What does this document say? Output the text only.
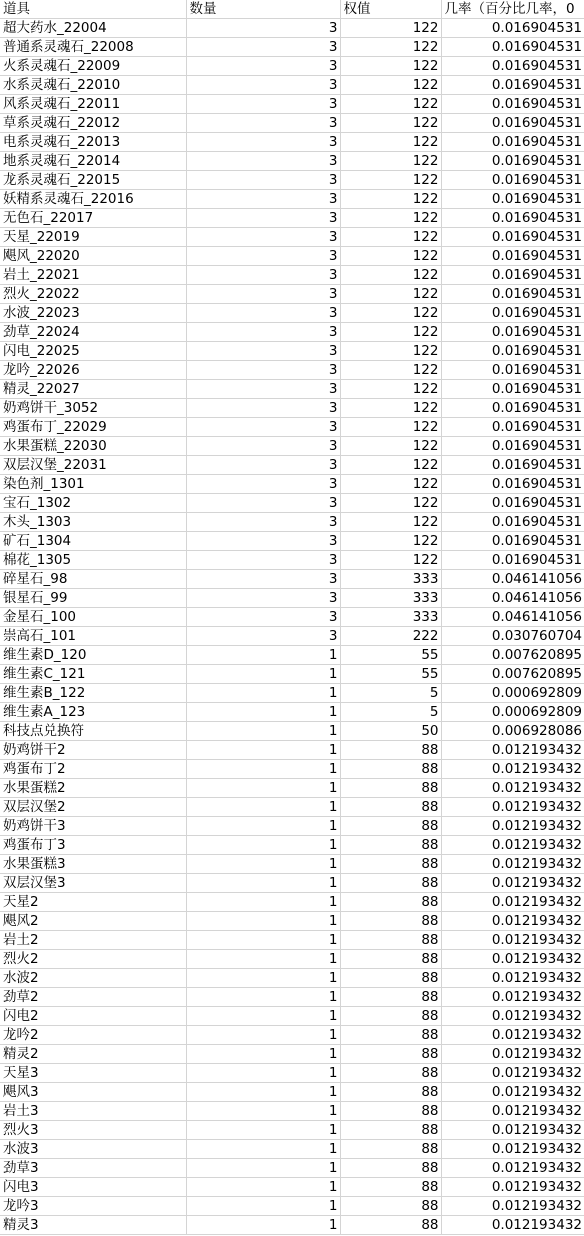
道具	数量	权值	几率（百分比几率，0
超大药水_22004	3	122	0.016904531
普通系灵魂石_22008	3	122	0.016904531
火系灵魂石_22009	3	122	0.016904531
水系灵魂石_22010	3	122	0.016904531
风系灵魂石_22011	3	122	0.016904531
草系灵魂石_22012	3	122	0.016904531
电系灵魂石_22013	3	122	0.016904531
地系灵魂石_22014	3	122	0.016904531
龙系灵魂石_22015	3	122	0.016904531
妖精系灵魂石_22016	3	122	0.016904531
无色石_22017	3	122	0.016904531
天星_22019	3	122	0.016904531
飓风_22020	3	122	0.016904531
岩土_22021	3	122	0.016904531
烈火_22022	3	122	0.016904531
水波_22023	3	122	0.016904531
劲草_22024	3	122	0.016904531
闪电_22025	3	122	0.016904531
龙吟_22026	3	122	0.016904531
精灵_22027	3	122	0.016904531
奶鸡饼干_3052	3	122	0.016904531
鸡蛋布丁_22029	3	122	0.016904531
水果蛋糕_22030	3	122	0.016904531
双层汉堡_22031	3	122	0.016904531
染色剂_1301	3	122	0.016904531
宝石_1302	3	122	0.016904531
木头_1303	3	122	0.016904531
矿石_1304	3	122	0.016904531
棉花_1305	3	122	0.016904531
碎星石_98	3	333	0.046141056
银星石_99	3	333	0.046141056
金星石_100	3	333	0.046141056
崇高石_101	3	222	0.030760704
维生素D_120	1	55	0.007620895
维生素C_121	1	55	0.007620895
维生素B_122	1	5	0.000692809
维生素A_123	1	5	0.000692809
科技点兑换符	1	50	0.006928086
奶鸡饼干2	1	88	0.012193432
鸡蛋布丁2	1	88	0.012193432
水果蛋糕2	1	88	0.012193432
双层汉堡2	1	88	0.012193432
奶鸡饼干3	1	88	0.012193432
鸡蛋布丁3	1	88	0.012193432
水果蛋糕3	1	88	0.012193432
双层汉堡3	1	88	0.012193432
天星2	1	88	0.012193432
飓风2	1	88	0.012193432
岩土2	1	88	0.012193432
烈火2	1	88	0.012193432
水波2	1	88	0.012193432
劲草2	1	88	0.012193432
闪电2	1	88	0.012193432
龙吟2	1	88	0.012193432
精灵2	1	88	0.012193432
天星3	1	88	0.012193432
飓风3	1	88	0.012193432
岩土3	1	88	0.012193432
烈火3	1	88	0.012193432
水波3	1	88	0.012193432
劲草3	1	88	0.012193432
闪电3	1	88	0.012193432
龙吟3	1	88	0.012193432
精灵3	1	88	0.012193432
